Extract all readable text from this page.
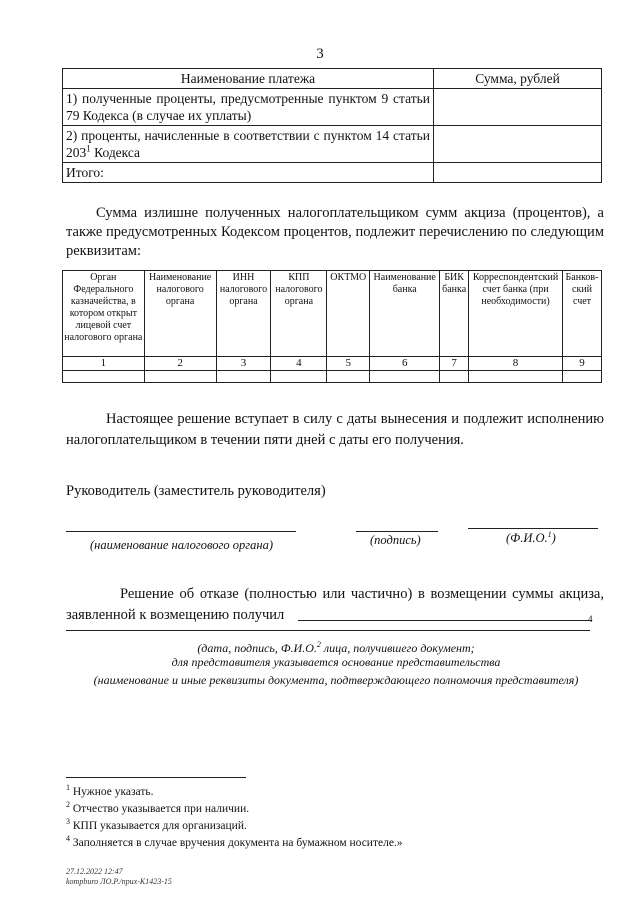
3
Наименование платежа	Сумма, рублей
1) полученные проценты, предусмотренные пунктом 9 статьи 79 Кодекса (в случае их уплаты)	
2) проценты, начисленные в соответствии с пунктом 14 статьи $203^1$ Кодекса	
Итого:	
Сумма излишне полученных налогоплательщиком сумм акциза (процентов), а также предусмотренных Кодексом процентов, подлежит перечислению по следующим реквизитам:
Орган Федерального казначейства, в котором открыт лицевой счет налогового органа	Наименование налогового органа	ИНН налогового органа	КПП налогового органа	ОКТМО	Наименование банка	БИК банка	Корреспондентский счет банка (при необходимости)	Банков-ский счет
1	2	3	4	5	6	7	8	9

Настоящее решение вступает в силу с даты вынесения и подлежит исполнению налогоплательщиком в течении пяти дней с даты его получения.
Руководитель (заместитель руководителя)
(наименование налогового органа)	(подпись)	(Ф.И.О.$^1$)
Решение об отказе (полностью или частично) в возмещении суммы акциза, заявленной к возмещению получил	4
(дата, подпись, Ф.И.О.$^2$ лица, получившего документ;
для представителя указывается основание представительства
(наименование и иные реквизиты документа, подтверждающего полномочия представителя)
$^1$ Нужное указать.
$^2$ Отчество указывается при наличии.
$^3$ КПП указывается для организаций.
$^4$ Заполняется в случае вручения документа на бумажном носителе.»
27.12.2022 12:47
kompburo ЛО.Р./приx-K1423-15
